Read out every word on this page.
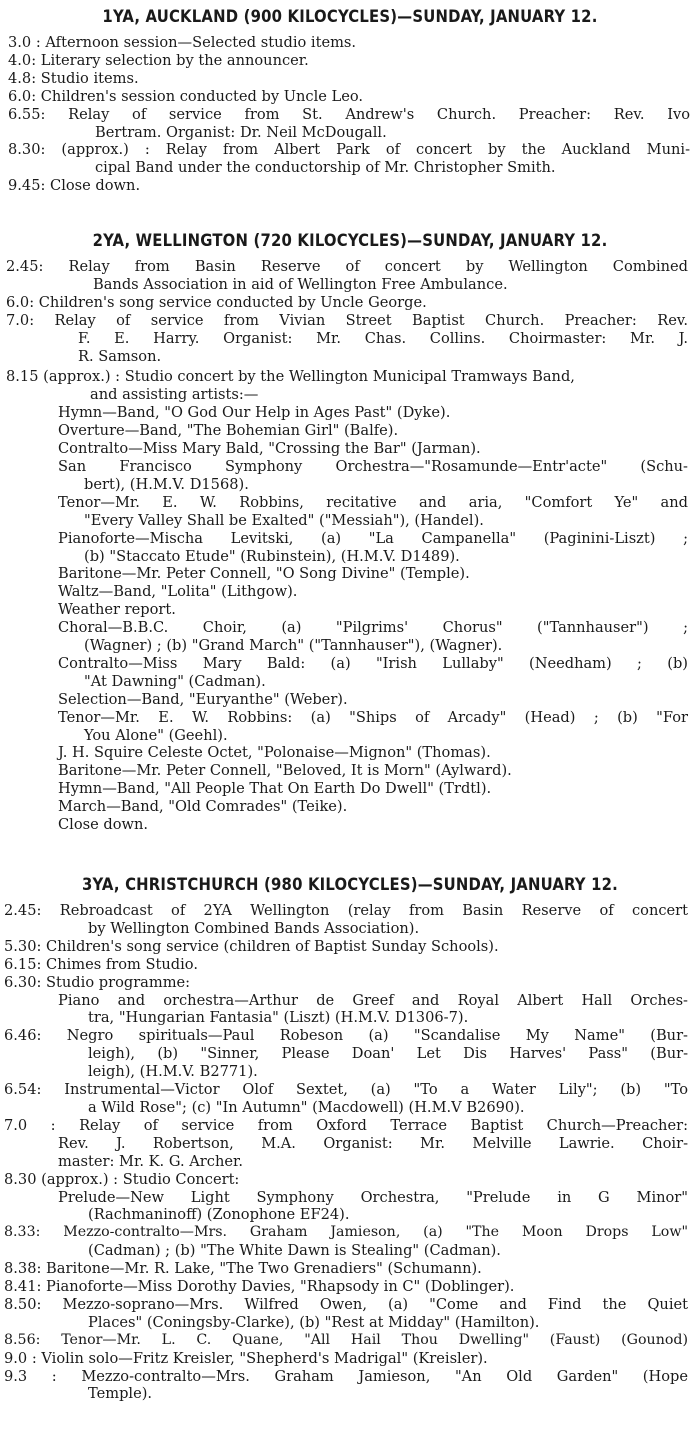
1YA, AUCKLAND (900 KILOCYCLES)—SUNDAY, JANUARY 12.
3.0 : Afternoon session—Selected studio items.
4.0: Literary selection by the announcer.
4.8: Studio items.
6.0: Children's session conducted by Uncle Leo.
6.55: Relay of service from St. Andrew's Church. Preacher: Rev. Ivo
Bertram. Organist: Dr. Neil McDougall.
8.30: (approx.) : Relay from Albert Park of concert by the Auckland Muni-
cipal Band under the conductorship of Mr. Christopher Smith.
9.45: Close down.
2YA, WELLINGTON (720 KILOCYCLES)—SUNDAY, JANUARY 12.
2.45: Relay from Basin Reserve of concert by Wellington Combined
Bands Association in aid of Wellington Free Ambulance.
6.0: Children's song service conducted by Uncle George.
7.0: Relay of service from Vivian Street Baptist Church. Preacher: Rev.
F. E. Harry. Organist: Mr. Chas. Collins. Choirmaster: Mr. J.
R. Samson.
8.15 (approx.) : Studio concert by the Wellington Municipal Tramways Band,
and assisting artists:—
Hymn—Band, "O God Our Help in Ages Past" (Dyke).
Overture—Band, "The Bohemian Girl" (Balfe).
Contralto—Miss Mary Bald, "Crossing the Bar" (Jarman).
San Francisco Symphony Orchestra—"Rosamunde—Entr'acte" (Schu-
bert), (H.M.V. D1568).
Tenor—Mr. E. W. Robbins, recitative and aria, "Comfort Ye" and
"Every Valley Shall be Exalted" ("Messiah"), (Handel).
Pianoforte—Mischa Levitski, (a) "La Campanella" (Paginini-Liszt) ;
(b) "Staccato Etude" (Rubinstein), (H.M.V. D1489).
Baritone—Mr. Peter Connell, "O Song Divine" (Temple).
Waltz—Band, "Lolita" (Lithgow).
Weather report.
Choral—B.B.C. Choir, (a) "Pilgrims' Chorus" ("Tannhauser") ;
(Wagner) ; (b) "Grand March" ("Tannhauser"), (Wagner).
Contralto—Miss Mary Bald: (a) "Irish Lullaby" (Needham) ; (b)
"At Dawning" (Cadman).
Selection—Band, "Euryanthe" (Weber).
Tenor—Mr. E. W. Robbins: (a) "Ships of Arcady" (Head) ; (b) "For
You Alone" (Geehl).
J. H. Squire Celeste Octet, "Polonaise—Mignon" (Thomas).
Baritone—Mr. Peter Connell, "Beloved, It is Morn" (Aylward).
Hymn—Band, "All People That On Earth Do Dwell" (Trdtl).
March—Band, "Old Comrades" (Teike).
Close down.
3YA, CHRISTCHURCH (980 KILOCYCLES)—SUNDAY, JANUARY 12.
2.45: Rebroadcast of 2YA Wellington (relay from Basin Reserve of concert
by Wellington Combined Bands Association).
5.30: Children's song service (children of Baptist Sunday Schools).
6.15: Chimes from Studio.
6.30: Studio programme:
Piano and orchestra—Arthur de Greef and Royal Albert Hall Orches-
tra, "Hungarian Fantasia" (Liszt) (H.M.V. D1306-7).
6.46: Negro spirituals—Paul Robeson (a) "Scandalise My Name" (Bur-
leigh), (b) "Sinner, Please Doan' Let Dis Harves' Pass" (Bur-
leigh), (H.M.V. B2771).
6.54: Instrumental—Victor Olof Sextet, (a) "To a Water Lily"; (b) "To
a Wild Rose"; (c) "In Autumn" (Macdowell) (H.M.V B2690).
7.0 : Relay of service from Oxford Terrace Baptist Church—Preacher:
Rev. J. Robertson, M.A. Organist: Mr. Melville Lawrie. Choir-
master: Mr. K. G. Archer.
8.30 (approx.) : Studio Concert:
Prelude—New Light Symphony Orchestra, "Prelude in G Minor"
(Rachmaninoff) (Zonophone EF24).
8.33: Mezzo-contralto—Mrs. Graham Jamieson, (a) "The Moon Drops Low"
(Cadman) ; (b) "The White Dawn is Stealing" (Cadman).
8.38: Baritone—Mr. R. Lake, "The Two Grenadiers" (Schumann).
8.41: Pianoforte—Miss Dorothy Davies, "Rhapsody in C" (Doblinger).
8.50: Mezzo-soprano—Mrs. Wilfred Owen, (a) "Come and Find the Quiet
Places" (Coningsby-Clarke), (b) "Rest at Midday" (Hamilton).
8.56: Tenor—Mr. L. C. Quane, "All Hail Thou Dwelling" (Faust) (Gounod)
9.0 : Violin solo—Fritz Kreisler, "Shepherd's Madrigal" (Kreisler).
9.3 : Mezzo-contralto—Mrs. Graham Jamieson, "An Old Garden" (Hope
Temple).
